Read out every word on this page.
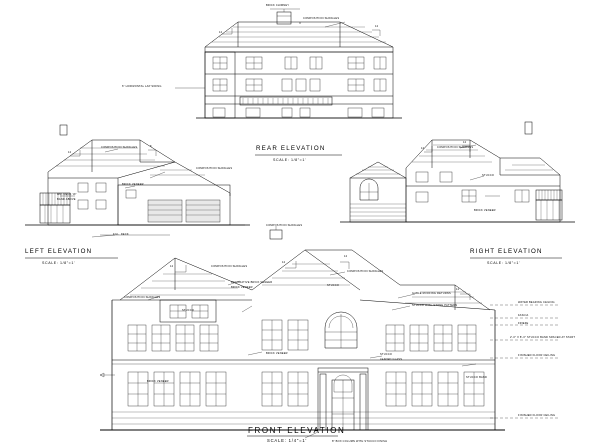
BRICK CHIMNEY
COMPOSITION SHINGLES
6" HORIZONTAL LAP SIDING
12
12
REAR ELEVATION
SCALE: 1/8"=1'
COMPOSITION SHINGLES
COMPOSITION SHINGLES
BRICK VENEER
WD. DECK 'W'
BAND ABOVE
FILL. DECK
12
8
LEFT ELEVATION
SCALE: 1/8"=1'
COMPOSITION SHINGLES
STUCCO
BRICK VENEER
12
12
RIGHT ELEVATION
SCALE: 1/8"=1'
COMPOSITION SHINGLES
COMPOSITION SHINGLES
COMPOSITION SHINGLES
DECORATIVE BRICK VENEER
BRICK VENEER
COMPOSITION SHINGLES
STUCCO
GABLE ROOFING RETURNS
STUCCO WITH STONE PATTERN
STUCCO
BRICK VENEER	STUCCO
LEADED GLASS
BRICK VENEER
STUCCO BAND
8" BOX COLUMN WITH STUCCO FINISH
12
12
12
12
WATER BEARING CEILING
FASCIA
FRIEZE
2'-0" X 8'-0" STUCCO BAND SPACED AT START
FINISHED FLOOR CEILING
FINISHED FLOOR CEILING
FRONT ELEVATION
SCALE: 1/4"=1'
